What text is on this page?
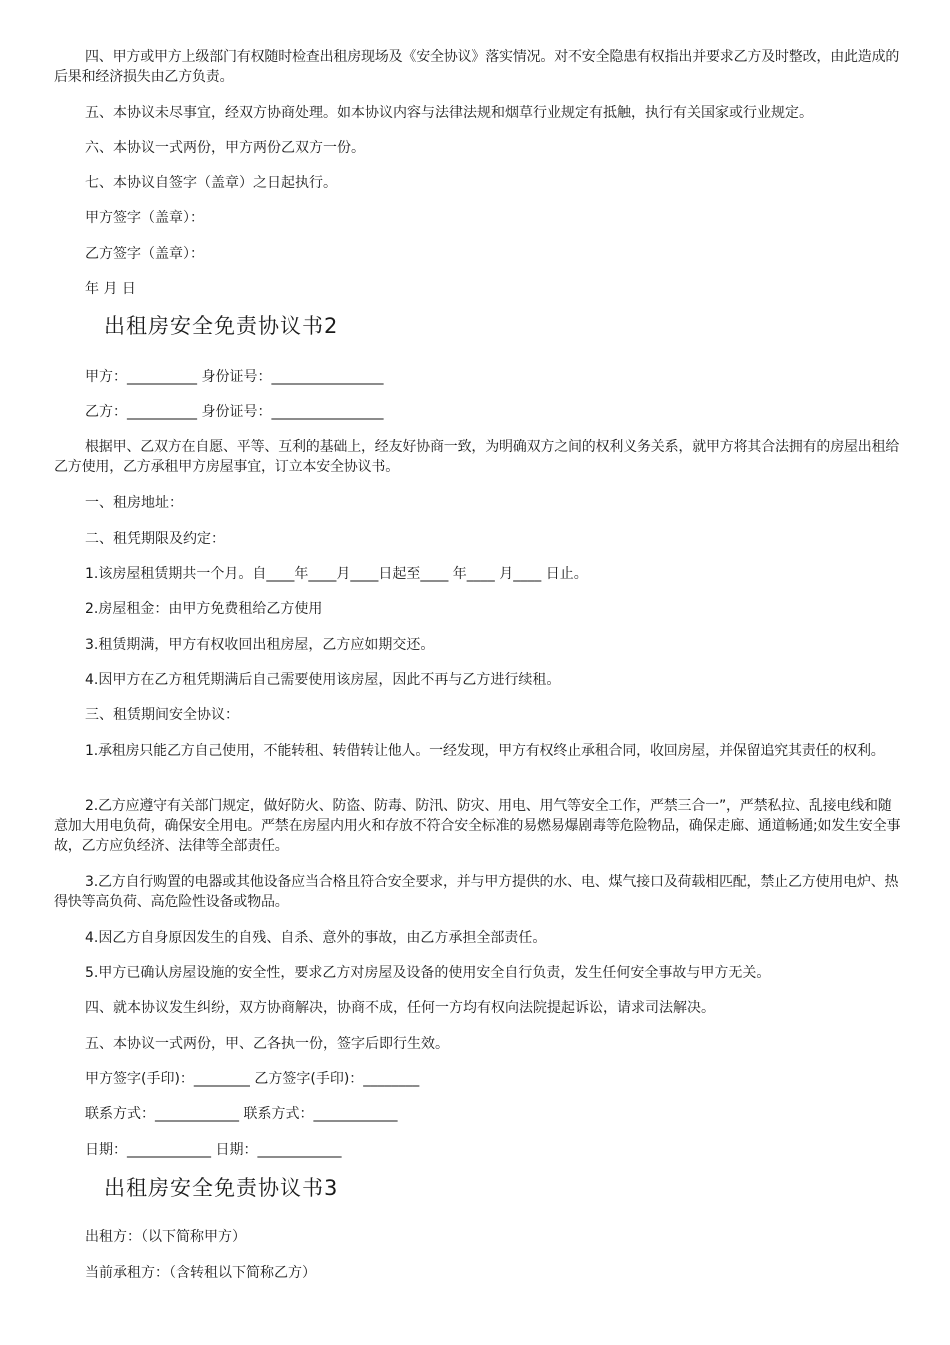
四、甲方或甲方上级部门有权随时检查出租房现场及《安全协议》落实情况。对不安全隐患有权指出并要求乙方及时整改，由此造成的后果和经济损失由乙方负责。

五、本协议未尽事宜，经双方协商处理。如本协议内容与法律法规和烟草行业规定有抵触，执行有关国家或行业规定。

六、本协议一式两份，甲方两份乙双方一份。

七、本协议自签字（盖章）之日起执行。

甲方签字（盖章）：

乙方签字（盖章）：

年 月 日

出租房安全免责协议书2

甲方：__________ 身份证号：________________

乙方：__________ 身份证号：________________

根据甲、乙双方在自愿、平等、互利的基础上，经友好协商一致，为明确双方之间的权利义务关系，就甲方将其合法拥有的房屋出租给乙方使用，乙方承租甲方房屋事宜，订立本安全协议书。

一、租房地址：

二、租凭期限及约定：

1.该房屋租赁期共一个月。自____年____月____日起至____ 年____ 月____ 日止。

2.房屋租金：由甲方免费租给乙方使用

3.租赁期满，甲方有权收回出租房屋，乙方应如期交还。

4.因甲方在乙方租凭期满后自己需要使用该房屋，因此不再与乙方进行续租。

三、租赁期间安全协议：

1.承租房只能乙方自己使用，不能转租、转借转让他人。一经发现，甲方有权终止承租合同，收回房屋，并保留追究其责任的权利。

2.乙方应遵守有关部门规定，做好防火、防盗、防毒、防汛、防灾、用电、用气等安全工作，严禁三合一”，严禁私拉、乱接电线和随意加大用电负荷，确保安全用电。严禁在房屋内用火和存放不符合安全标准的易燃易爆剧毒等危险物品，确保走廊、通道畅通;如发生安全事故，乙方应负经济、法律等全部责任。

3.乙方自行购置的电器或其他设备应当合格且符合安全要求，并与甲方提供的水、电、煤气接口及荷载相匹配，禁止乙方使用电炉、热得快等高负荷、高危险性设备或物品。

4.因乙方自身原因发生的自残、自杀、意外的事故，由乙方承担全部责任。

5.甲方已确认房屋设施的安全性，要求乙方对房屋及设备的使用安全自行负责，发生任何安全事故与甲方无关。

四、就本协议发生纠纷，双方协商解决，协商不成，任何一方均有权向法院提起诉讼，请求司法解决。

五、本协议一式两份，甲、乙各执一份，签字后即行生效。

甲方签字(手印)：________ 乙方签字(手印)：________

联系方式：____________ 联系方式：____________

日期：____________ 日期：____________

出租房安全免责协议书3

出租方：（以下简称甲方）

当前承租方：（含转租以下简称乙方）
